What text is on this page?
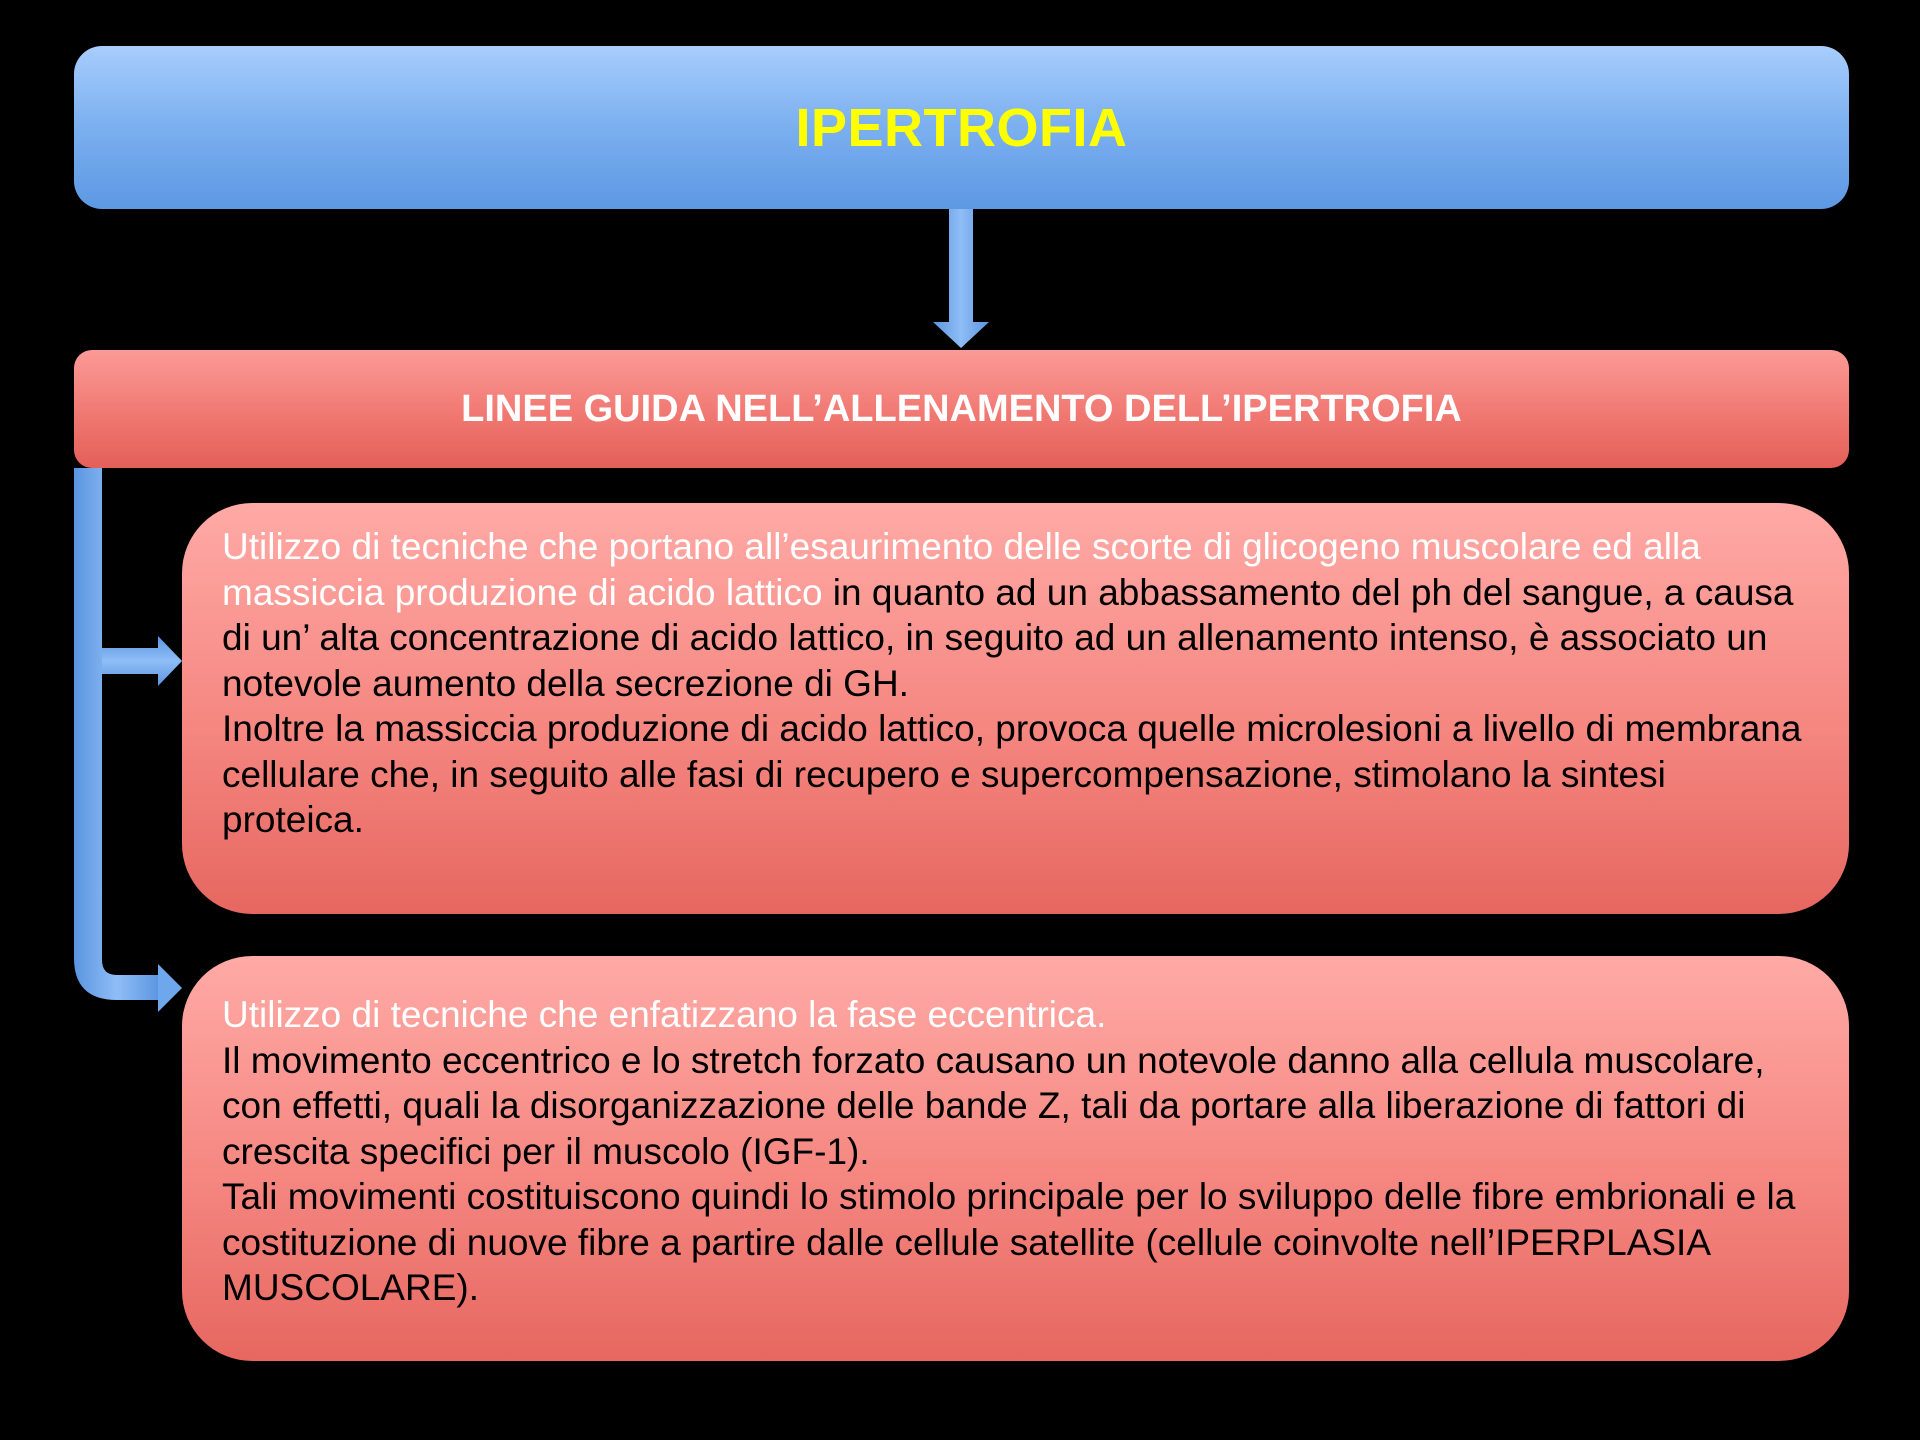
IPERTROFIA
LINEE GUIDA NELL’ALLENAMENTO DELL’IPERTROFIA

Utilizzo di tecniche che portano all’esaurimento delle scorte di glicogeno muscolare ed alla massiccia produzione di acido lattico in quanto ad un abbassamento del ph del sangue, a causa di un’ alta concentrazione di acido lattico, in seguito ad un allenamento intenso, è associato un notevole aumento della secrezione di GH.

Inoltre la massiccia produzione di acido lattico, provoca quelle microlesioni a livello di membrana cellulare che, in seguito alle fasi di recupero e supercompensazione, stimolano la sintesi proteica.

Utilizzo di tecniche che enfatizzano la fase eccentrica.

Il movimento eccentrico e lo stretch forzato causano un notevole danno alla cellula muscolare, con effetti, quali la disorganizzazione delle bande Z, tali da portare alla liberazione di fattori di crescita specifici per il muscolo (IGF-1).

Tali movimenti costituiscono quindi lo stimolo principale per lo sviluppo delle fibre embrionali e la costituzione di nuove fibre a partire dalle cellule satellite (cellule coinvolte nell’IPERPLASIA MUSCOLARE).
